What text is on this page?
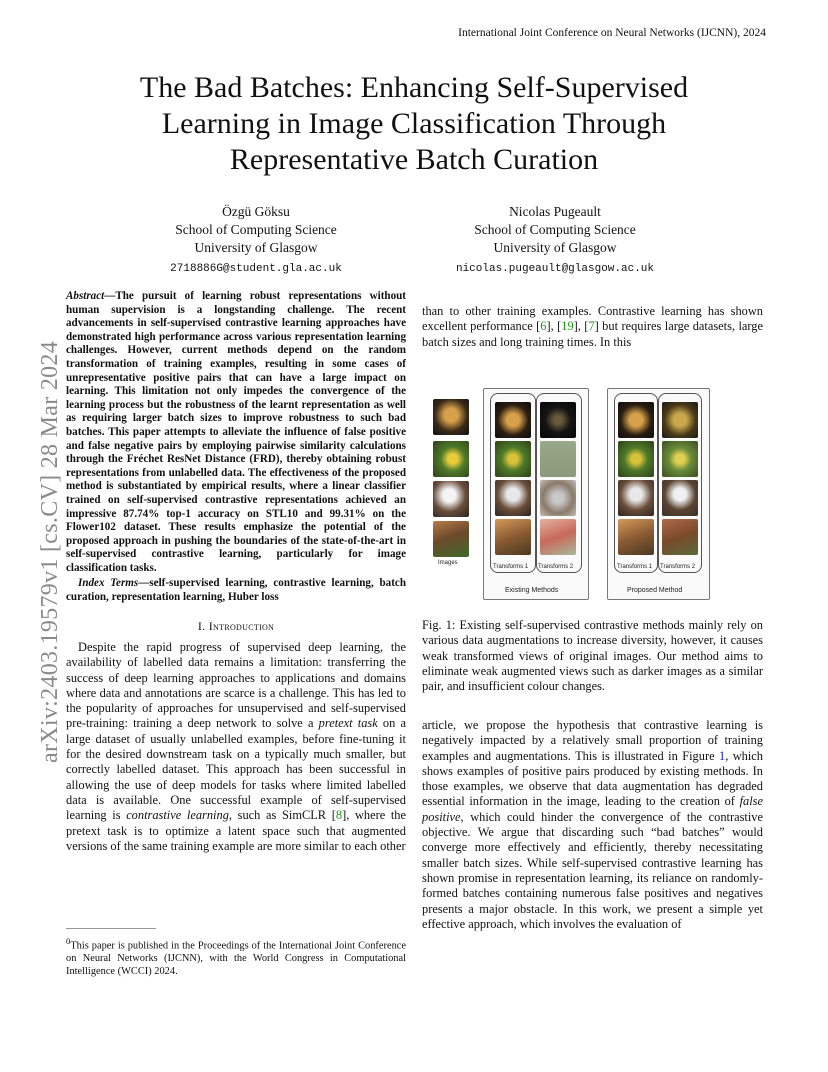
International Joint Conference on Neural Networks (IJCNN), 2024
The Bad Batches: Enhancing Self-Supervised
Learning in Image Classification Through
Representative Batch Curation
Özgü Göksu
School of Computing Science
University of Glasgow
2718886G@student.gla.ac.uk
Nicolas Pugeault
School of Computing Science
University of Glasgow
nicolas.pugeault@glasgow.ac.uk
arXiv:2403.19579v1 [cs.CV] 28 Mar 2024

Abstract—The pursuit of learning robust representations without human supervision is a longstanding challenge. The recent advancements in self-supervised contrastive learning approaches have demonstrated high performance across various representation learning challenges. However, current methods depend on the random transformation of training examples, resulting in some cases of unrepresentative positive pairs that can have a large impact on learning. This limitation not only impedes the convergence of the learning process but the robustness of the learnt representation as well as requiring larger batch sizes to improve robustness to such bad batches. This paper attempts to alleviate the influence of false positive and false negative pairs by employing pairwise similarity calculations through the Fréchet ResNet Distance (FRD), thereby obtaining robust representations from unlabelled data. The effectiveness of the proposed method is substantiated by empirical results, where a linear classifier trained on self-supervised contrastive representations achieved an impressive 87.74% top-1 accuracy on STL10 and 99.31% on the Flower102 dataset. These results emphasize the potential of the proposed approach in pushing the boundaries of the state-of-the-art in self-supervised contrastive learning, particularly for image classification tasks.

Index Terms—self-supervised learning, contrastive learning, batch curation, representation learning, Huber loss

I. Introduction

Despite the rapid progress of supervised deep learning, the availability of labelled data remains a limitation: transferring the success of deep learning approaches to applications and domains where data and annotations are scarce is a challenge. This has led to the popularity of approaches for unsupervised and self-supervised pre-training: training a deep network to solve a pretext task on a large dataset of usually unlabelled examples, before fine-tuning it for the desired downstream task on a typically much smaller, but correctly labelled dataset. This approach has been successful in allowing the use of deep models for tasks where limited labelled data is available. One successful example of self-supervised learning is contrastive learning, such as SimCLR [8], where the pretext task is to optimize a latent space such that augmented versions of the same training example are more similar to each other

$^0$This paper is published in the Proceedings of the International Joint Conference on Neural Networks (IJCNN), with the World Congress in Computational Intelligence (WCCI) 2024.

than to other training examples. Contrastive learning has shown excellent performance [6], [19], [7] but requires large datasets, large batch sizes and long training times. In this

Images
Transforms 1 Transforms 2
Existing Methods
Transforms 1 Transforms 2
Proposed Method
Fig. 1: Existing self-supervised contrastive methods mainly rely on various data augmentations to increase diversity, however, it causes weak transformed views of original images. Our method aims to eliminate weak augmented views such as darker images as a similar pair, and insufficient colour changes.

article, we propose the hypothesis that contrastive learning is negatively impacted by a relatively small proportion of training examples and augmentations. This is illustrated in Figure 1, which shows examples of positive pairs produced by existing methods. In those examples, we observe that data augmentation has degraded essential information in the image, leading to the creation of false positive, which could hinder the convergence of the contrastive objective. We argue that discarding such “bad batches” would converge more effectively and efficiently, thereby necessitating smaller batch sizes. While self-supervised contrastive learning has shown promise in representation learning, its reliance on randomly-formed batches containing numerous false positives and negatives presents a major obstacle. In this work, we present a simple yet effective approach, which involves the evaluation of
